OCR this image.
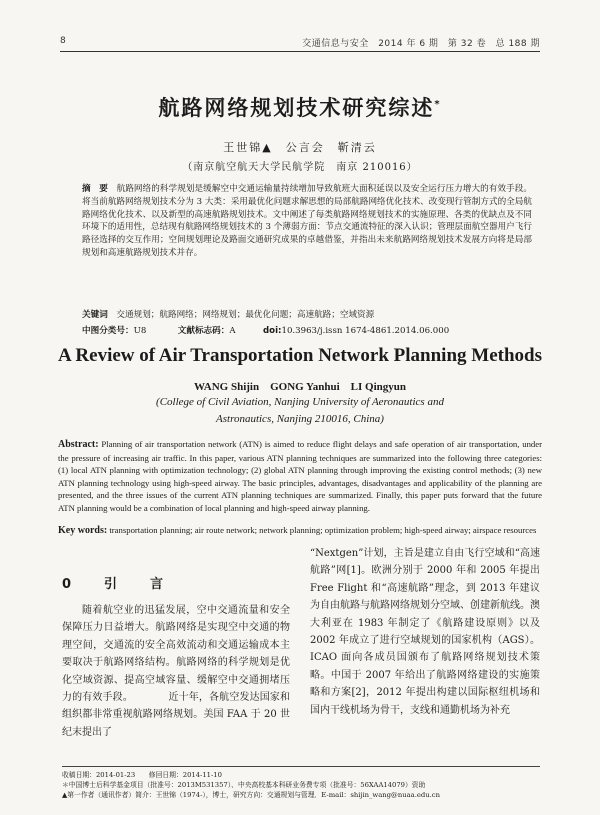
8	交通信息与安全　2014 年 6 期　第 32 卷　总 188 期
航路网络规划技术研究综述*
王世锦▲　公言会　靳清云
（南京航空航天大学民航学院　南京 210016）
摘　要　 航路网络的科学规划是缓解空中交通运输量持续增加导致航班大面积延误以及安全运行压力增大的有效手段。将当前航路网络规划技术分为 3 大类：采用最优化问题求解思想的局部航路网络优化技术、改变现行管制方式的全局航路网络优化技术、以及新型的高速航路规划技术。文中阐述了每类航路网络规划技术的实施原理、各类的优缺点及不同环境下的适用性，总结现有航路网络规划技术的 3 个薄弱方面：节点交通流特征的深入认识；管理层面航空器用户飞行路径选择的交互作用；空间规划理论及路面交通研究成果的卓越借鉴，并指出未来航路网络规划技术发展方向将是局部规划和高速航路规划技术并存。
关键词　 交通规划；航路网络；网络规划；最优化问题；高速航路；空域资源
中图分类号：U8	文献标志码：A	doi:10.3963/j.issn 1674-4861.2014.06.000
A Review of Air Transportation Network Planning Methods
WANG Shijin　GONG Yanhui　LI Qingyun
(College of Civil Aviation, Nanjing University of Aeronautics and Astronautics, Nanjing 210016, China)
Abstract: Planning of air transportation network (ATN) is aimed to reduce flight delays and safe operation of air transportation, under the pressure of increasing air traffic. In this paper, various ATN planning techniques are summarized into the following three categories: (1) local ATN planning with optimization technology; (2) global ATN planning through improving the existing control methods; (3) new ATN planning technology using high-speed airway. The basic principles, advantages, disadvantages and applicability of the planning are presented, and the three issues of the current ATN planning techniques are summarized. Finally, this paper puts forward that the future ATN planning would be a combination of local planning and high-speed airway planning.
Key words: transportation planning; air route network; network planning; optimization problem; high-speed airway; airspace resources
0　引　言
随着航空业的迅猛发展，空中交通流量和安全保障压力日益增大。航路网络是实现空中交通的物理空间，交通流的安全高效流动和交通运输成本主要取决于航路网络结构。航路网络的科学规划是优化空域资源、提高空域容量、缓解空中交通拥堵压力的有效手段。　　　　近十年，各航空发达国家和组织都非常重视航路网络规划。美国 FAA 于 20 世纪末提出了
“Nextgen”计划，主旨是建立自由飞行空域和“高速航路”网[1]。欧洲分别于 2000 年和 2005 年提出 Free Flight 和“高速航路”理念，到 2013 年建议为自由航路与航路网络规划分空域、创建新航线。澳大利亚在 1983 年制定了《航路建设原则》以及 2002 年成立了进行空域规划的国家机构（AGS）。ICAO 面向各成员国颁布了航路网络规划技术策略。中国于 2007 年给出了航路网络建设的实施策略和方案[2]，2012 年提出构建以国际枢纽机场和国内干线机场为骨干，支线和通勤机场为补充
收稿日期：2014-01-23　　修回日期：2014-11-10
＊中国博士后科学基金项目（批准号：2013M531357）、中央高校基本科研业务费专项（批准号：56XAA14079）资助
▲第一作者（通讯作者）简介：王世锦（1974-），博士，研究方向：交通规划与管理．E-mail：shijin_wang@nuaa.edu.cn
